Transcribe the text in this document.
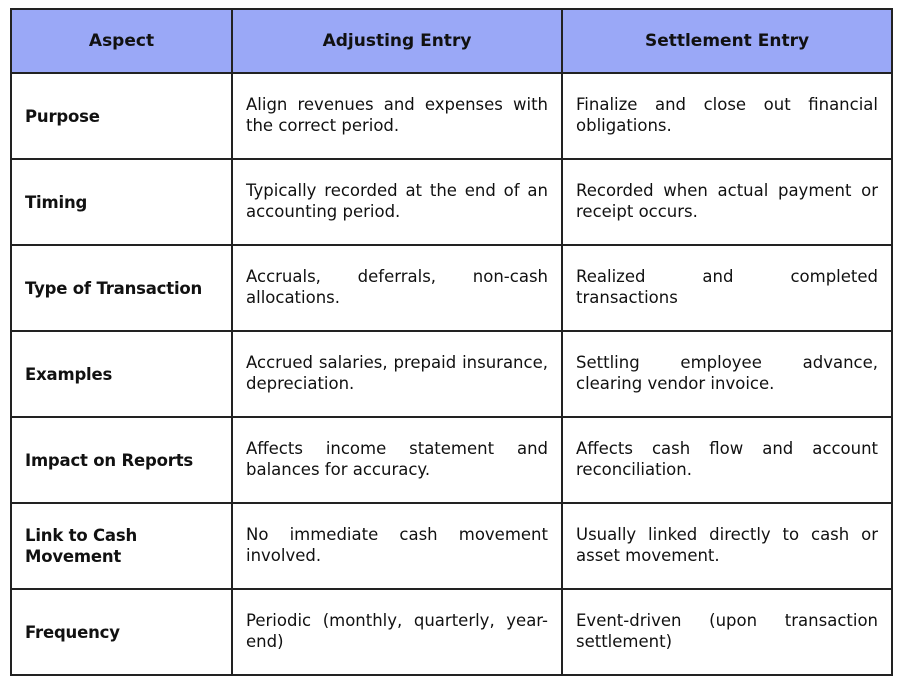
Aspect	Adjusting Entry	Settlement Entry
Purpose	Align revenues and expenses with the correct period.	Finalize and close out financial obligations.
Timing	Typically recorded at the end of an accounting period.	Recorded when actual payment or receipt occurs.
Type of Transaction	Accruals, deferrals, non-cash allocations.	Realized and completed transactions
Examples	Accrued salaries, prepaid insurance, depreciation.	Settling employee advance, clearing vendor invoice.
Impact on Reports	Affects income statement and balances for accuracy.	Affects cash flow and account reconciliation.
Link to Cash Movement	No immediate cash movement involved.	Usually linked directly to cash or asset movement.
Frequency	Periodic (monthly, quarterly, year-end)	Event-driven (upon transaction settlement)
